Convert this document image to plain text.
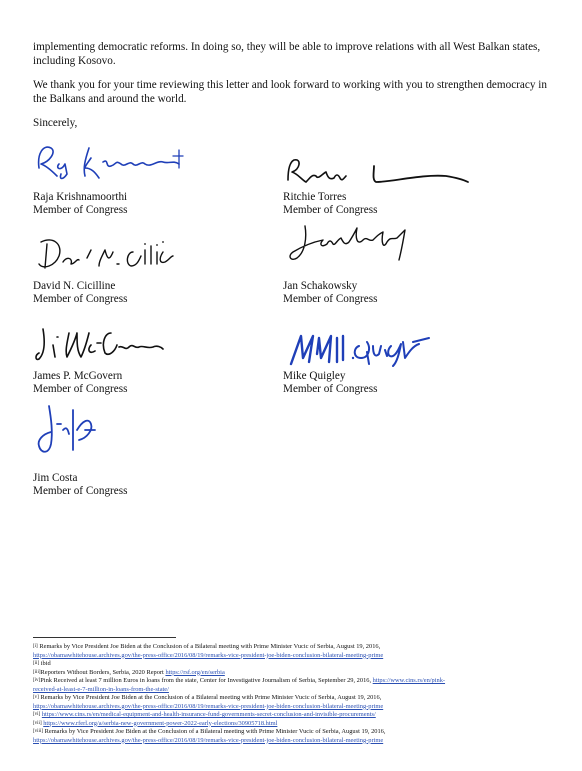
implementing democratic reforms. In doing so, they will be able to improve relations with all West Balkan states, including Kosovo.

We thank you for your time reviewing this letter and look forward to working with you to strengthen democracy in the Balkans and around the world.

Sincerely,

Raja Krishnamoorthi
Member of Congress
Ritchie Torres
Member of Congress
David N. Cicilline
Member of Congress
Jan Schakowsky
Member of Congress
James P. McGovern
Member of Congress
Mike Quigley
Member of Congress
Jim Costa
Member of Congress
[i] Remarks by Vice President Joe Biden at the Conclusion of a Bilateral meeting with Prime Minister Vucic of Serbia, August 19, 2016,
https://obamawhitehouse.archives.gov/the-press-office/2016/08/19/remarks-vice-president-joe-biden-conclusion-bilateral-meeting-prime
[ii] ibid
[iii]Reporters Without Borders, Serbia, 2020 Report https://rsf.org/en/serbia
[iv]Pink Received at least 7 million Euros in loans from the state, Center for Investigative Journalism of Serbia, September 29, 2016, https://www.cins.rs/en/pink-
received-at-least-e-7-million-in-loans-from-the-state/
[v] Remarks by Vice President Joe Biden at the Conclusion of a Bilateral meeting with Prime Minister Vucic of Serbia, August 19, 2016,
https://obamawhitehouse.archives.gov/the-press-office/2016/08/19/remarks-vice-president-joe-biden-conclusion-bilateral-meeting-prime
[vi] https://www.cins.rs/en/medical-equipment-and-health-insurance-fund-governments-secret-conclusion-and-invisible-procurements/
[vii] https://www.rferl.org/a/serbia-new-government-power-2022-early-elections/30905718.html
[viii] Remarks by Vice President Joe Biden at the Conclusion of a Bilateral meeting with Prime Minister Vucic of Serbia, August 19, 2016,
https://obamawhitehouse.archives.gov/the-press-office/2016/08/19/remarks-vice-president-joe-biden-conclusion-bilateral-meeting-prime
